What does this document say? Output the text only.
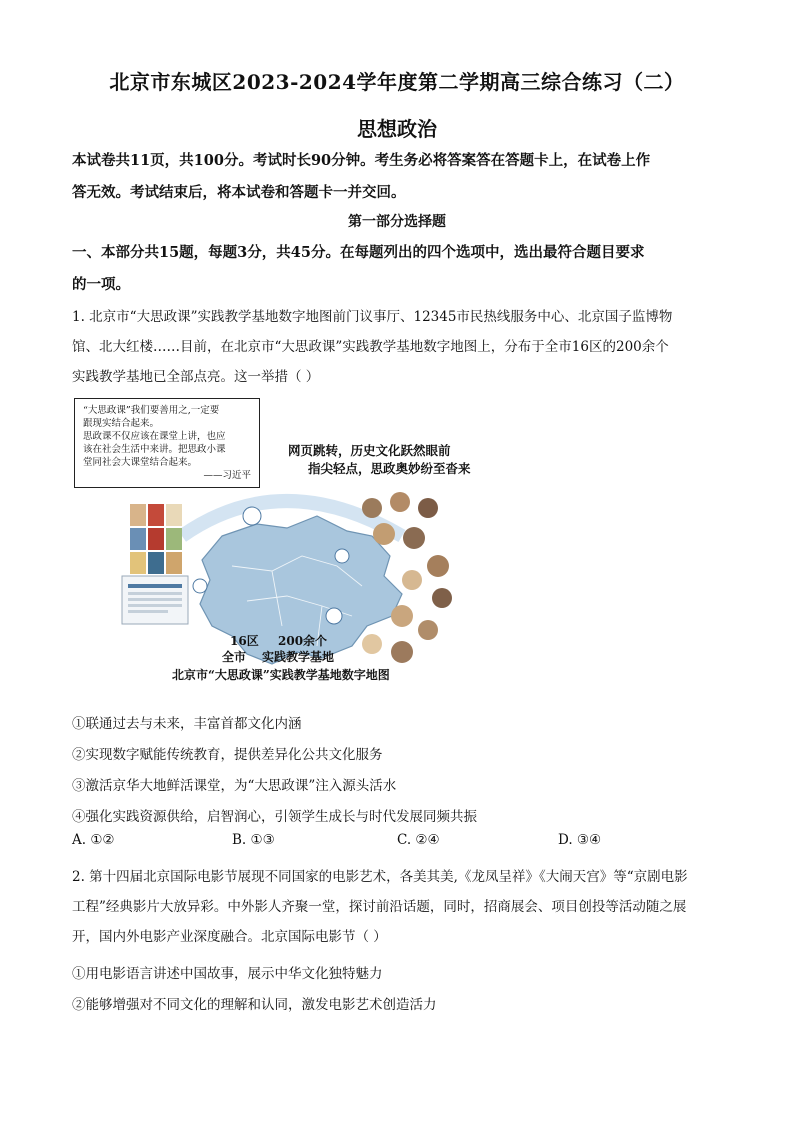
北京市东城区2023-2024学年度第二学期高三综合练习（二）
思想政治
本试卷共11页，共100分。考试时长90分钟。考生务必将答案答在答题卡上，在试卷上作
答无效。考试结束后，将本试卷和答题卡一并交回。
第一部分选择题
一、本部分共15题，每题3分，共45分。在每题列出的四个选项中，选出最符合题目要求
的一项。
1. 北京市“大思政课”实践教学基地数字地图前门议事厅、12345市民热线服务中心、北京国子监博物
馆、北大红楼……目前，在北京市“大思政课”实践教学基地数字地图上，分布于全市16区的200余个
实践教学基地已全部点亮。这一举措（ ）
“大思政课”我们要善用之,一定要
跟现实结合起来。
思政课不仅应该在课堂上讲，也应
该在社会生活中来讲。把思政小课
堂同社会大课堂结合起来。
——习近平
网页跳转，历史文化跃然眼前
指尖轻点，思政奥妙纷至沓来
16区 200余个
全市 实践教学基地
北京市“大思政课”实践教学基地数字地图
①联通过去与未来，丰富首都文化内涵
②实现数字赋能传统教育，提供差异化公共文化服务
③激活京华大地鲜活课堂，为“大思政课”注入源头活水
④强化实践资源供给，启智润心，引领学生成长与时代发展同频共振
A. ①②	B. ①③	C. ②④	D. ③④
2. 第十四届北京国际电影节展现不同国家的电影艺术，各美其美,《龙凤呈祥》《大闹天宫》等“京剧电影
工程”经典影片大放异彩。中外影人齐聚一堂，探讨前沿话题，同时，招商展会、项目创投等活动随之展
开，国内外电影产业深度融合。北京国际电影节（ ）
①用电影语言讲述中国故事，展示中华文化独特魅力
②能够增强对不同文化的理解和认同，激发电影艺术创造活力
